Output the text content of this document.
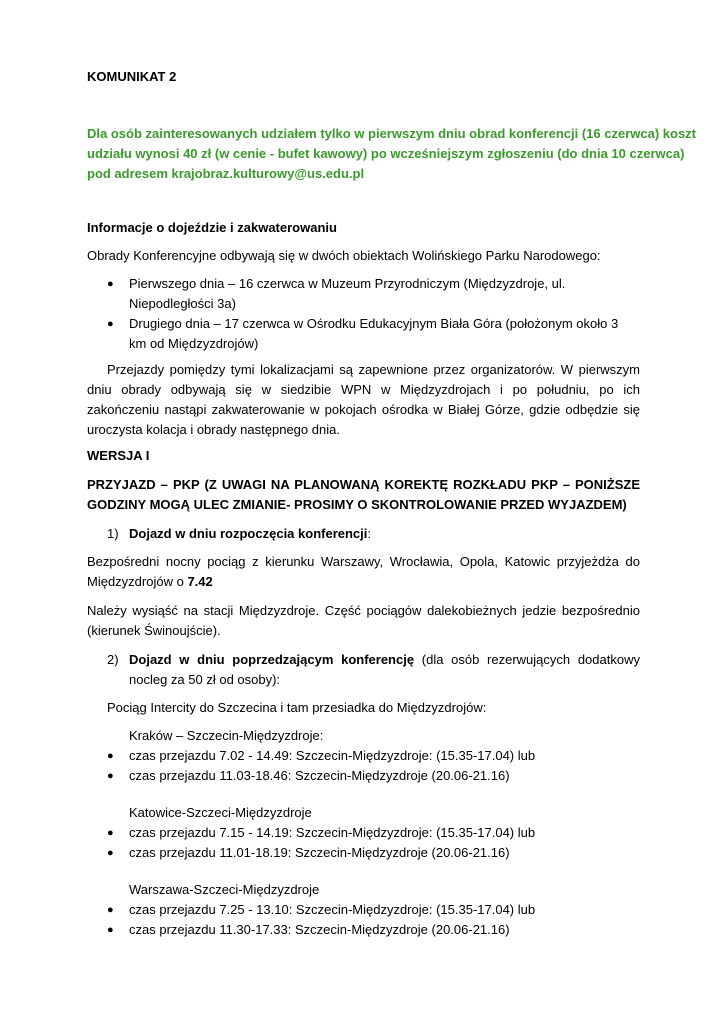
KOMUNIKAT 2

Dla osób zainteresowanych udziałem tylko w pierwszym dniu obrad konferencji (16 czerwca) koszt

udziału wynosi 40 zł (w cenie - bufet kawowy) po wcześniejszym zgłoszeniu (do dnia 10 czerwca)

pod adresem krajobraz.kulturowy@us.edu.pl

Informacje o dojeździe i zakwaterowaniu

Obrady Konferencyjne odbywają się w dwóch obiektach Wolińskiego Parku Narodowego:

● Pierwszego dnia – 16 czerwca w Muzeum Przyrodniczym (Międzyzdroje, ul.

Niepodległości 3a)

● Drugiego dnia – 17 czerwca w Ośrodku Edukacyjnym Biała Góra (położonym około 3

km od Międzyzdrojów)

Przejazdy pomiędzy tymi lokalizacjami są zapewnione przez organizatorów. W pierwszym

dniu obrady odbywają się w siedzibie WPN w Międzyzdrojach i po południu, po ich

zakończeniu nastąpi zakwaterowanie w pokojach ośrodka w Białej Górze, gdzie odbędzie się

uroczysta kolacja i obrady następnego dnia.

WERSJA I

PRZYJAZD – PKP (Z UWAGI NA PLANOWANĄ KOREKTĘ ROZKŁADU PKP – PONIŻSZE

GODZINY MOGĄ ULEC ZMIANIE- PROSIMY O SKONTROLOWANIE PRZED WYJAZDEM)

1) Dojazd w dniu rozpoczęcia konferencji:

Bezpośredni nocny pociąg z kierunku Warszawy, Wrocławia, Opola, Katowic przyjeżdża do

Międzyzdrojów o 7.42

Należy wysiąść na stacji Międzyzdroje. Część pociągów dalekobieżnych jedzie bezpośrednio

(kierunek Świnoujście).

2) Dojazd w dniu poprzedzającym konferencję (dla osób rezerwujących dodatkowy

nocleg za 50 zł od osoby):

Pociąg Intercity do Szczecina i tam przesiadka do Międzyzdrojów:

Kraków – Szczecin-Międzyzdroje:

● czas przejazdu 7.02 - 14.49: Szczecin-Międzyzdroje: (15.35-17.04) lub

● czas przejazdu 11.03-18.46: Szczecin-Międzyzdroje (20.06-21.16)

Katowice-Szczeci-Międzyzdroje

● czas przejazdu 7.15 - 14.19: Szczecin-Międzyzdroje: (15.35-17.04) lub

● czas przejazdu 11.01-18.19: Szczecin-Międzyzdroje (20.06-21.16)

Warszawa-Szczeci-Międzyzdroje

● czas przejazdu 7.25 - 13.10: Szczecin-Międzyzdroje: (15.35-17.04) lub

● czas przejazdu 11.30-17.33: Szczecin-Międzyzdroje (20.06-21.16)
